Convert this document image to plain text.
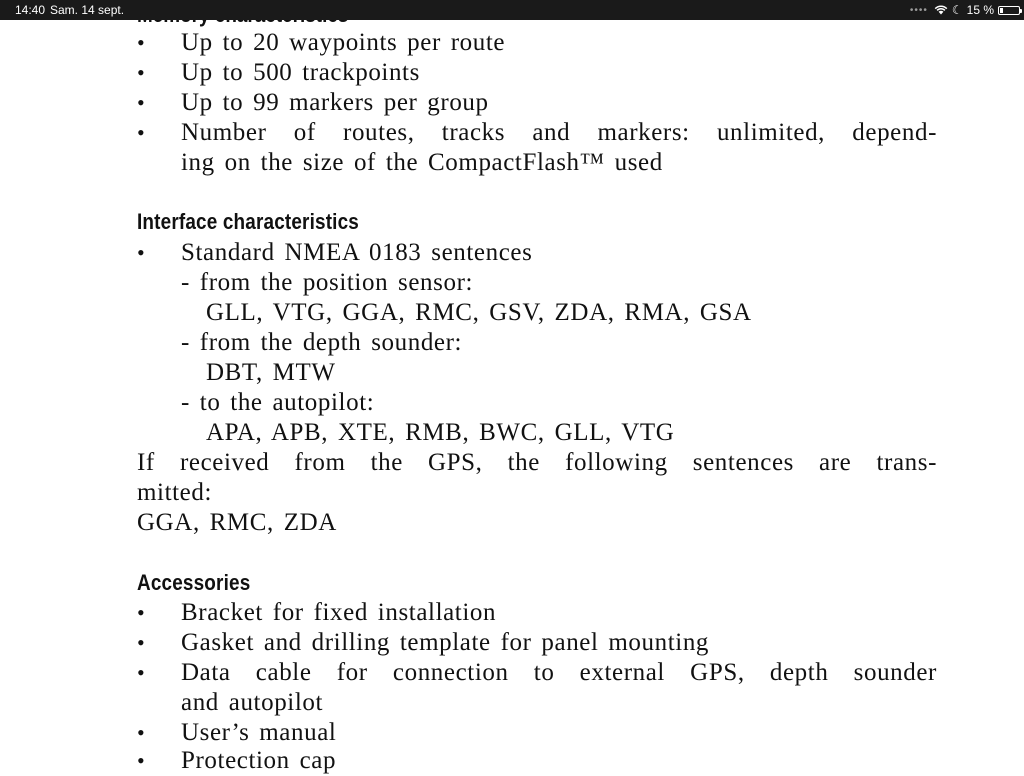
• Up to 20 waypoints per route
• Up to 500 trackpoints
• Up to 99 markers per group
• Number of routes, tracks and markers: unlimited, depend-
ing on the size of the CompactFlash™ used
Interface characteristics
• Standard NMEA 0183 sentences
- from the position sensor:
GLL, VTG, GGA, RMC, GSV, ZDA, RMA, GSA
- from the depth sounder:
DBT, MTW
- to the autopilot:
APA, APB, XTE, RMB, BWC, GLL, VTG
If received from the GPS, the following sentences are trans-
mitted:
GGA, RMC, ZDA
Accessories
• Bracket for fixed installation
• Gasket and drilling template for panel mounting
• Data cable for connection to external GPS, depth sounder
and autopilot
• User’s manual
• Protection cap
14:40 Sam. 14 sept.	•••• ☾ 15 %
